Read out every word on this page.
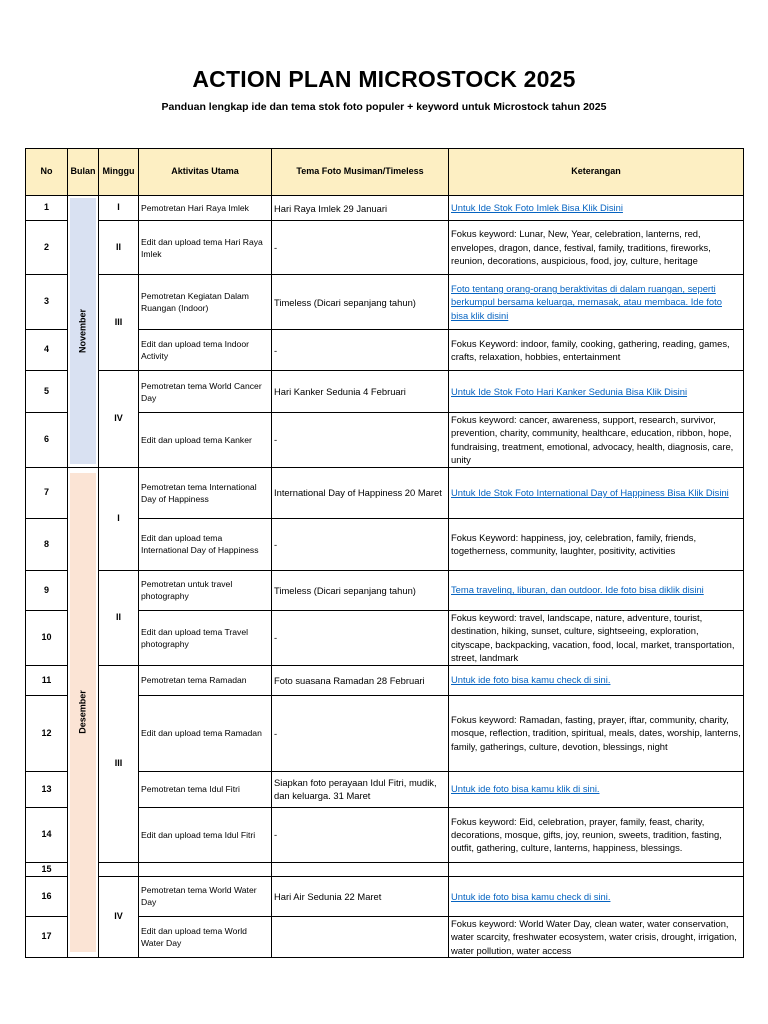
ACTION PLAN MICROSTOCK 2025
Panduan lengkap ide dan tema stok foto populer + keyword untuk Microstock tahun 2025
No	Bulan	Minggu	Aktivitas Utama	Tema Foto Musiman/Timeless	Keterangan
1	November	I	Pemotretan Hari Raya Imlek	Hari Raya Imlek 29 Januari	Untuk Ide Stok Foto Imlek Bisa Klik Disini
2		II	Edit dan upload tema Hari Raya Imlek	-	Fokus keyword: Lunar, New, Year, celebration, lanterns, red, envelopes, dragon, dance, festival, family, traditions, fireworks, reunion, decorations, auspicious, food, joy, culture, heritage
3		III	Pemotretan Kegiatan Dalam Ruangan (Indoor)	Timeless (Dicari sepanjang tahun)	Foto tentang orang-orang beraktivitas di dalam ruangan, seperti berkumpul bersama keluarga, memasak, atau membaca. Ide foto bisa klik disini
4			Edit dan upload tema Indoor Activity	-	Fokus Keyword: indoor, family, cooking, gathering, reading, games, crafts, relaxation, hobbies, entertainment
5		IV	Pemotretan tema World Cancer Day	Hari Kanker Sedunia 4 Februari	Untuk Ide Stok Foto Hari Kanker Sedunia Bisa Klik Disini
6			Edit dan upload tema Kanker	-	Fokus keyword: cancer, awareness, support, research, survivor, prevention, charity, community, healthcare, education, ribbon, hope, fundraising, treatment, emotional, advocacy, health, diagnosis, care, unity
7	Desember	I	Pemotretan tema International Day of Happiness	International Day of Happiness 20 Maret	Untuk Ide Stok Foto International Day of Happiness Bisa Klik Disini
8			Edit dan upload tema International Day of Happiness	-	Fokus Keyword: happiness, joy, celebration, family, friends, togetherness, community, laughter, positivity, activities
9		II	Pemotretan untuk travel photography	Timeless (Dicari sepanjang tahun)	Tema traveling, liburan, dan outdoor. Ide foto bisa diklik disini
10			Edit dan upload tema Travel photography	-	Fokus keyword: travel, landscape, nature, adventure, tourist, destination, hiking, sunset, culture, sightseeing, exploration, cityscape, backpacking, vacation, food, local, market, transportation, street, landmark
11		III	Pemotretan tema Ramadan	Foto suasana Ramadan 28 Februari	Untuk ide foto bisa kamu check di sini.
12			Edit dan upload tema Ramadan	-	Fokus keyword: Ramadan, fasting, prayer, iftar, community, charity, mosque, reflection, tradition, spiritual, meals, dates, worship, lanterns, family, gatherings, culture, devotion, blessings, night
13			Pemotretan tema Idul Fitri	Siapkan foto perayaan Idul Fitri, mudik, dan keluarga. 31 Maret	Untuk ide foto bisa kamu klik di sini.
14			Edit dan upload tema Idul Fitri	-	Fokus keyword: Eid, celebration, prayer, family, feast, charity, decorations, mosque, gifts, joy, reunion, sweets, tradition, fasting, outfit, gathering, culture, lanterns, happiness, blessings.
15					
16		IV	Pemotretan tema World Water Day	Hari Air Sedunia 22 Maret	Untuk ide foto bisa kamu check di sini.
17			Edit dan upload tema World Water Day		Fokus keyword: World Water Day, clean water, water conservation, water scarcity, freshwater ecosystem, water crisis, drought, irrigation, water pollution, water access
